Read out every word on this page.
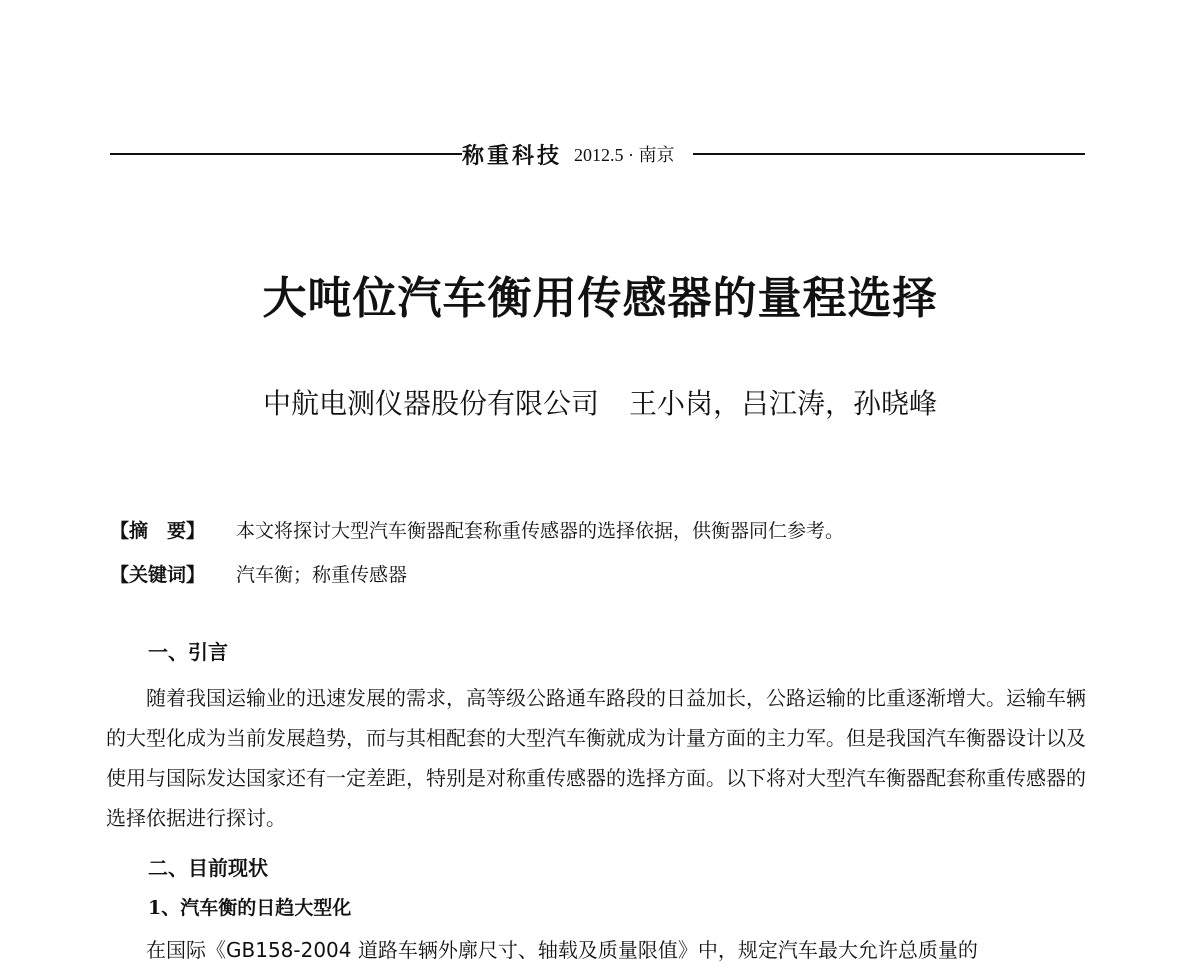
称重科技 2012.5 · 南京
大吨位汽车衡用传感器的量程选择
中航电测仪器股份有限公司 王小岗，吕江涛，孙晓峰
【摘　要】	本文将探讨大型汽车衡器配套称重传感器的选择依据，供衡器同仁参考。
【关键词】	汽车衡；称重传感器
一、引言
随着我国运输业的迅速发展的需求，高等级公路通车路段的日益加长，公路运输的比重逐渐增大。运输车辆的大型化成为当前发展趋势，而与其相配套的大型汽车衡就成为计量方面的主力军。但是我国汽车衡器设计以及使用与国际发达国家还有一定差距，特别是对称重传感器的选择方面。以下将对大型汽车衡器配套称重传感器的选择依据进行探讨。
二、目前现状
1、汽车衡的日趋大型化
在国际《GB158-2004 道路车辆外廓尺寸、轴载及质量限值》中，规定汽车最大允许总质量的
